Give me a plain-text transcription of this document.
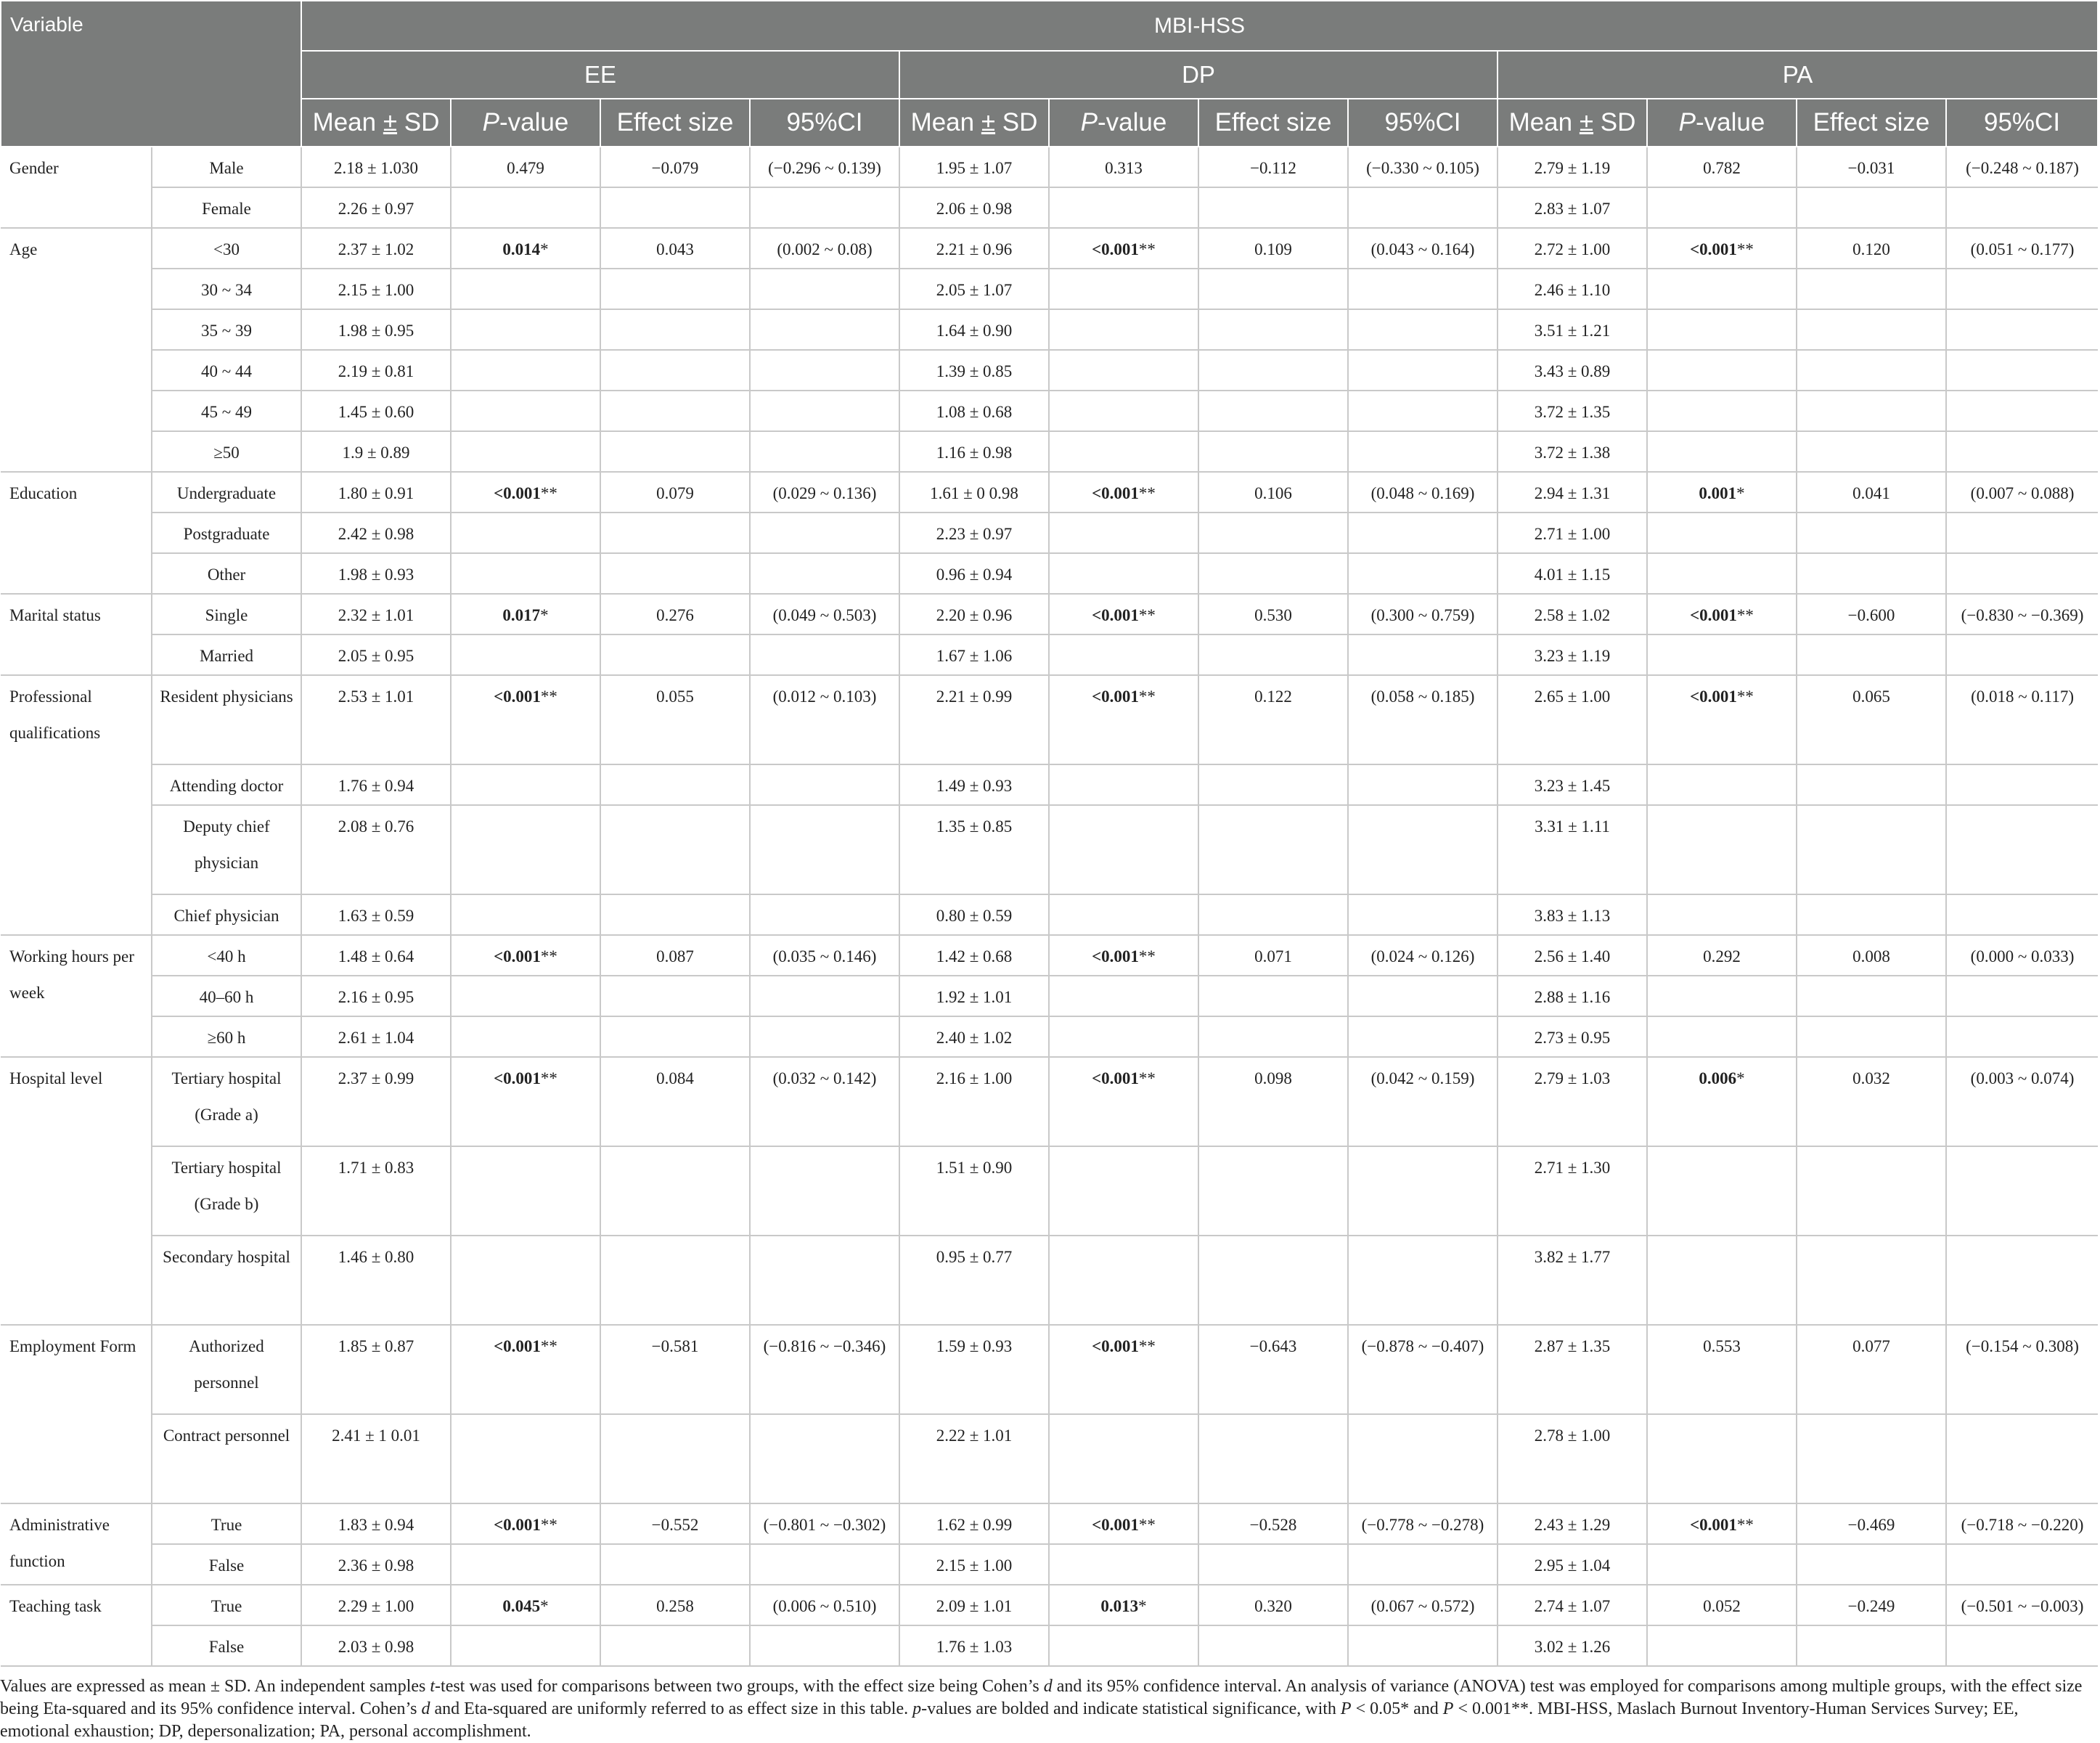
Variable		MBI-HSS											
		EE				DP				PA			
		Mean ± SD	P-value	Effect size	95%CI	Mean ± SD	P-value	Effect size	95%CI	Mean ± SD	P-value	Effect size	95%CI
Gender	Male	2.18 ± 1.030	0.479	−0.079	(−0.296 ~ 0.139)	1.95 ± 1.07	0.313	−0.112	(−0.330 ~ 0.105)	2.79 ± 1.19	0.782	−0.031	(−0.248 ~ 0.187)
	Female	2.26 ± 0.97				2.06 ± 0.98				2.83 ± 1.07			
Age	<30	2.37 ± 1.02	0.014*	0.043	(0.002 ~ 0.08)	2.21 ± 0.96	<0.001**	0.109	(0.043 ~ 0.164)	2.72 ± 1.00	<0.001**	0.120	(0.051 ~ 0.177)
	30 ~ 34	2.15 ± 1.00				2.05 ± 1.07				2.46 ± 1.10			
	35 ~ 39	1.98 ± 0.95				1.64 ± 0.90				3.51 ± 1.21			
	40 ~ 44	2.19 ± 0.81				1.39 ± 0.85				3.43 ± 0.89			
	45 ~ 49	1.45 ± 0.60				1.08 ± 0.68				3.72 ± 1.35			
	≥50	1.9 ± 0.89				1.16 ± 0.98				3.72 ± 1.38			
Education	Undergraduate	1.80 ± 0.91	<0.001**	0.079	(0.029 ~ 0.136)	1.61 ± 0 0.98	<0.001**	0.106	(0.048 ~ 0.169)	2.94 ± 1.31	0.001*	0.041	(0.007 ~ 0.088)
	Postgraduate	2.42 ± 0.98				2.23 ± 0.97				2.71 ± 1.00			
	Other	1.98 ± 0.93				0.96 ± 0.94				4.01 ± 1.15			
Marital status	Single	2.32 ± 1.01	0.017*	0.276	(0.049 ~ 0.503)	2.20 ± 0.96	<0.001**	0.530	(0.300 ~ 0.759)	2.58 ± 1.02	<0.001**	−0.600	(−0.830 ~ −0.369)
	Married	2.05 ± 0.95				1.67 ± 1.06				3.23 ± 1.19			
Professional qualifications	Resident physicians	2.53 ± 1.01	<0.001**	0.055	(0.012 ~ 0.103)	2.21 ± 0.99	<0.001**	0.122	(0.058 ~ 0.185)	2.65 ± 1.00	<0.001**	0.065	(0.018 ~ 0.117)
	Attending doctor	1.76 ± 0.94				1.49 ± 0.93				3.23 ± 1.45			
	Deputy chief physician	2.08 ± 0.76				1.35 ± 0.85				3.31 ± 1.11			
	Chief physician	1.63 ± 0.59				0.80 ± 0.59				3.83 ± 1.13			
Working hours per week	<40 h	1.48 ± 0.64	<0.001**	0.087	(0.035 ~ 0.146)	1.42 ± 0.68	<0.001**	0.071	(0.024 ~ 0.126)	2.56 ± 1.40	0.292	0.008	(0.000 ~ 0.033)
	40–60 h	2.16 ± 0.95				1.92 ± 1.01				2.88 ± 1.16			
	≥60 h	2.61 ± 1.04				2.40 ± 1.02				2.73 ± 0.95			
Hospital level	Tertiary hospital (Grade a)	2.37 ± 0.99	<0.001**	0.084	(0.032 ~ 0.142)	2.16 ± 1.00	<0.001**	0.098	(0.042 ~ 0.159)	2.79 ± 1.03	0.006*	0.032	(0.003 ~ 0.074)
	Tertiary hospital (Grade b)	1.71 ± 0.83				1.51 ± 0.90				2.71 ± 1.30			
	Secondary hospital	1.46 ± 0.80				0.95 ± 0.77				3.82 ± 1.77			
Employment Form	Authorized personnel	1.85 ± 0.87	<0.001**	−0.581	(−0.816 ~ −0.346)	1.59 ± 0.93	<0.001**	−0.643	(−0.878 ~ −0.407)	2.87 ± 1.35	0.553	0.077	(−0.154 ~ 0.308)
	Contract personnel	2.41 ± 1 0.01				2.22 ± 1.01				2.78 ± 1.00			
Administrative function	True	1.83 ± 0.94	<0.001**	−0.552	(−0.801 ~ −0.302)	1.62 ± 0.99	<0.001**	−0.528	(−0.778 ~ −0.278)	2.43 ± 1.29	<0.001**	−0.469	(−0.718 ~ −0.220)
	False	2.36 ± 0.98				2.15 ± 1.00				2.95 ± 1.04			
Teaching task	True	2.29 ± 1.00	0.045*	0.258	(0.006 ~ 0.510)	2.09 ± 1.01	0.013*	0.320	(0.067 ~ 0.572)	2.74 ± 1.07	0.052	−0.249	(−0.501 ~ −0.003)
	False	2.03 ± 0.98				1.76 ± 1.03				3.02 ± 1.26			
Values are expressed as mean ± SD. An independent samples t-test was used for comparisons between two groups, with the effect size being Cohen’s d and its 95% confidence interval. An analysis of variance (ANOVA) test was employed for comparisons among multiple groups, with the effect size being Eta-squared and its 95% confidence interval. Cohen’s d and Eta-squared are uniformly referred to as effect size in this table. p-values are bolded and indicate statistical significance, with P < 0.05* and P < 0.001**. MBI-HSS, Maslach Burnout Inventory-Human Services Survey; EE, emotional exhaustion; DP, depersonalization; PA, personal accomplishment.
